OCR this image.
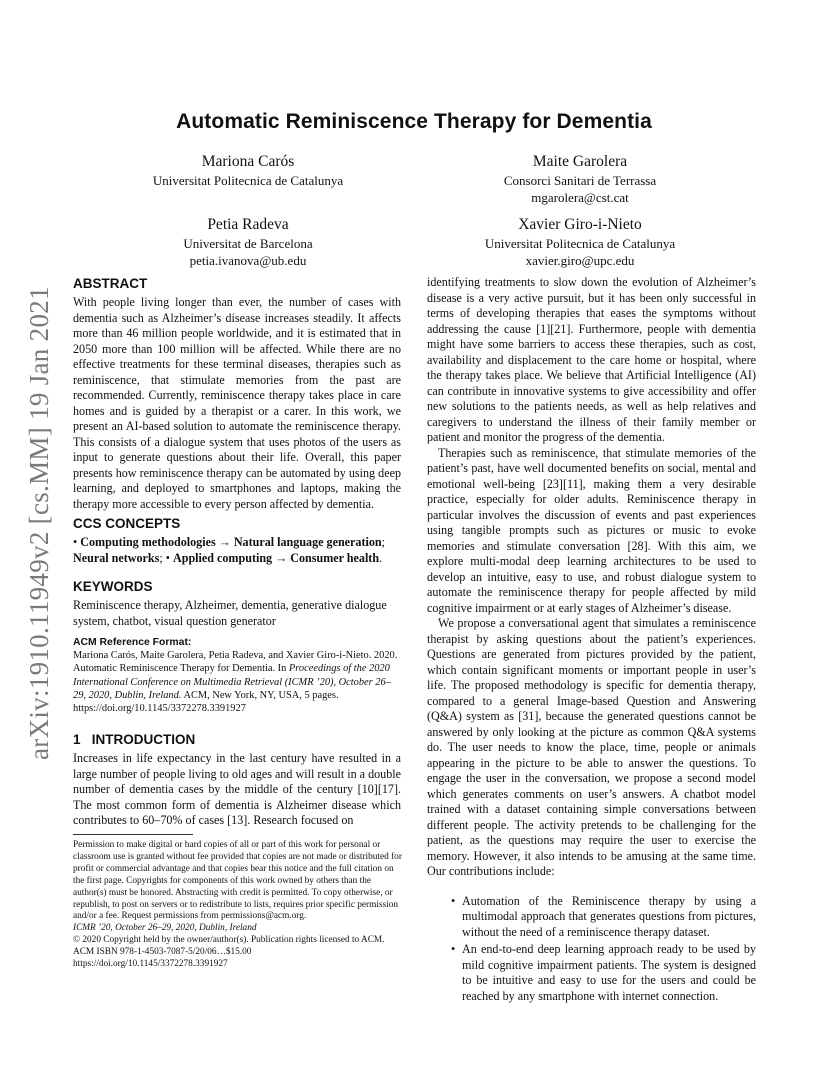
arXiv:1910.11949v2 [cs.MM] 19 Jan 2021
Automatic Reminiscence Therapy for Dementia
Mariona Carós
Universitat Politecnica de Catalunya
Maite Garolera
Consorci Sanitari de Terrassa
mgarolera@cst.cat
Petia Radeva
Universitat de Barcelona
petia.ivanova@ub.edu
Xavier Giro-i-Nieto
Universitat Politecnica de Catalunya
xavier.giro@upc.edu
ABSTRACT

With people living longer than ever, the number of cases with dementia such as Alzheimer’s disease increases steadily. It affects more than 46 million people worldwide, and it is estimated that in 2050 more than 100 million will be affected. While there are no effective treatments for these terminal diseases, therapies such as reminiscence, that stimulate memories from the past are recommended. Currently, reminiscence therapy takes place in care homes and is guided by a therapist or a carer. In this work, we present an AI-based solution to automate the reminiscence therapy. This consists of a dialogue system that uses photos of the users as input to generate questions about their life. Overall, this paper presents how reminiscence therapy can be automated by using deep learning, and deployed to smartphones and laptops, making the therapy more accessible to every person affected by dementia.

CCS CONCEPTS

• Computing methodologies → Natural language generation; Neural networks; • Applied computing → Consumer health.

KEYWORDS

Reminiscence therapy, Alzheimer, dementia, generative dialogue system, chatbot, visual question generator

ACM Reference Format:

Mariona Carós, Maite Garolera, Petia Radeva, and Xavier Giro-i-Nieto. 2020. Automatic Reminiscence Therapy for Dementia. In Proceedings of the 2020 International Conference on Multimedia Retrieval (ICMR ’20), October 26–29, 2020, Dublin, Ireland. ACM, New York, NY, USA, 5 pages. https://doi.org/10.1145/3372278.3391927

1 INTRODUCTION

Increases in life expectancy in the last century have resulted in a large number of people living to old ages and will result in a double number of dementia cases by the middle of the century [10][17]. The most common form of dementia is Alzheimer disease which contributes to 60–70% of cases [13]. Research focused on

Permission to make digital or hard copies of all or part of this work for personal or classroom use is granted without fee provided that copies are not made or distributed for profit or commercial advantage and that copies bear this notice and the full citation on the first page. Copyrights for components of this work owned by others than the author(s) must be honored. Abstracting with credit is permitted. To copy otherwise, or republish, to post on servers or to redistribute to lists, requires prior specific permission and/or a fee. Request permissions from permissions@acm.org.

ICMR ’20, October 26–29, 2020, Dublin, Ireland

© 2020 Copyright held by the owner/author(s). Publication rights licensed to ACM.

ACM ISBN 978-1-4503-7087-5/20/06…$15.00

https://doi.org/10.1145/3372278.3391927

identifying treatments to slow down the evolution of Alzheimer’s disease is a very active pursuit, but it has been only successful in terms of developing therapies that eases the symptoms without addressing the cause [1][21]. Furthermore, people with dementia might have some barriers to access these therapies, such as cost, availability and displacement to the care home or hospital, where the therapy takes place. We believe that Artificial Intelligence (AI) can contribute in innovative systems to give accessibility and offer new solutions to the patients needs, as well as help relatives and caregivers to understand the illness of their family member or patient and monitor the progress of the dementia.

Therapies such as reminiscence, that stimulate memories of the patient’s past, have well documented benefits on social, mental and emotional well-being [23][11], making them a very desirable practice, especially for older adults. Reminiscence therapy in particular involves the discussion of events and past experiences using tangible prompts such as pictures or music to evoke memories and stimulate conversation [28]. With this aim, we explore multi-modal deep learning architectures to be used to develop an intuitive, easy to use, and robust dialogue system to automate the reminiscence therapy for people affected by mild cognitive impairment or at early stages of Alzheimer’s disease.

We propose a conversational agent that simulates a reminiscence therapist by asking questions about the patient’s experiences. Questions are generated from pictures provided by the patient, which contain significant moments or important people in user’s life. The proposed methodology is specific for dementia therapy, compared to a general Image-based Question and Answering (Q&A) system as [31], because the generated questions cannot be answered by only looking at the picture as common Q&A systems do. The user needs to know the place, time, people or animals appearing in the picture to be able to answer the questions. To engage the user in the conversation, we propose a second model which generates comments on user’s answers. A chatbot model trained with a dataset containing simple conversations between different people. The activity pretends to be challenging for the patient, as the questions may require the user to exercise the memory. However, it also intends to be amusing at the same time. Our contributions include:

• Automation of the Reminiscence therapy by using a multimodal approach that generates questions from pictures, without the need of a reminiscence therapy dataset.
• An end-to-end deep learning approach ready to be used by mild cognitive impairment patients. The system is designed to be intuitive and easy to use for the users and could be reached by any smartphone with internet connection.
